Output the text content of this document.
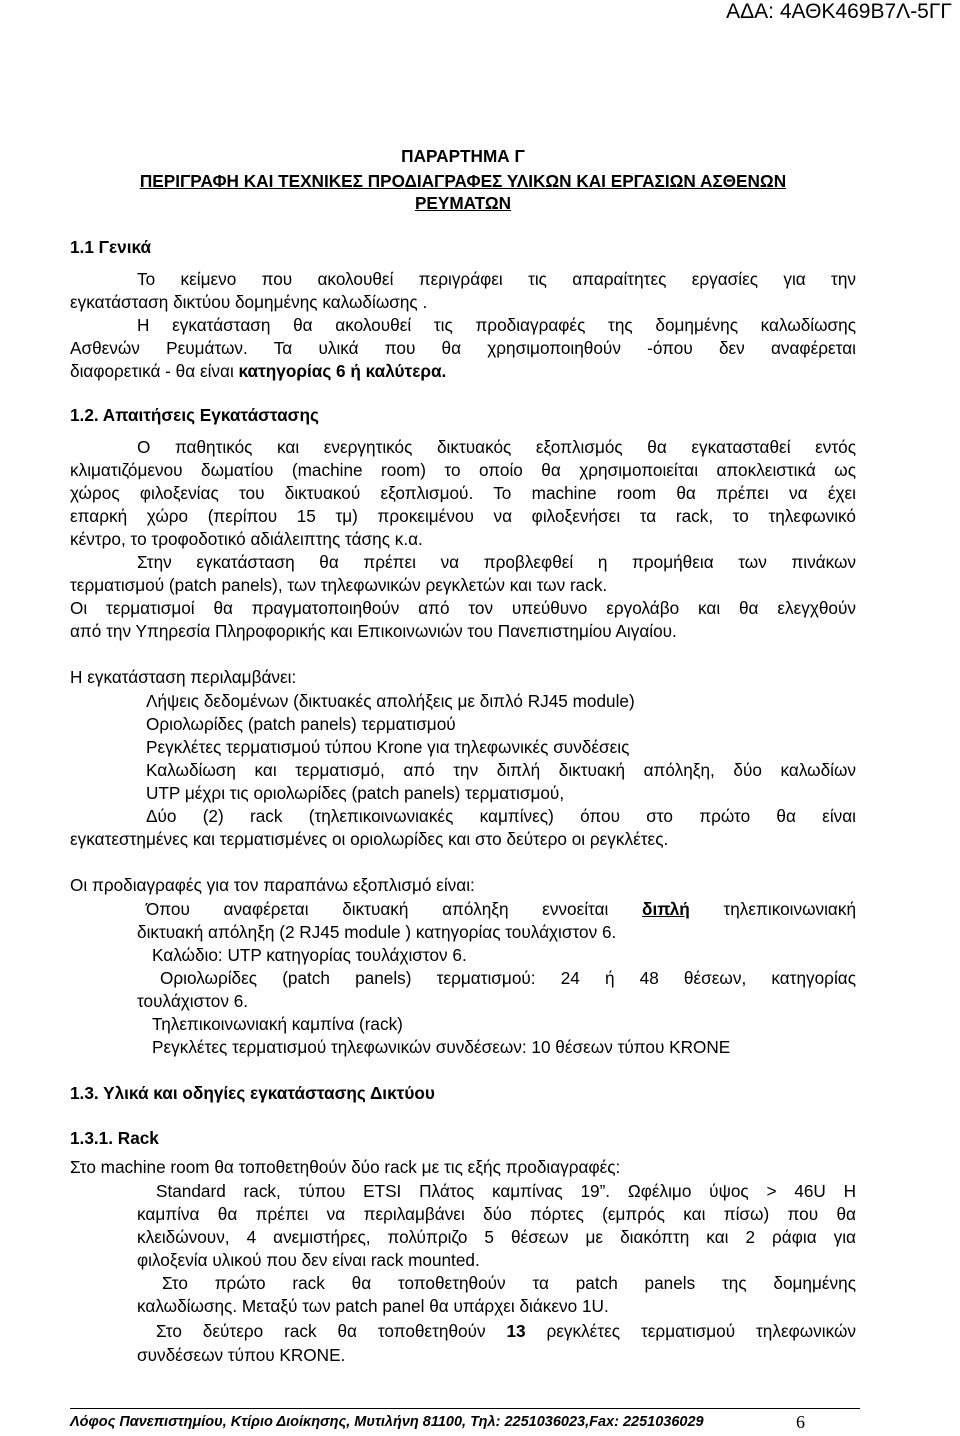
ΑΔΑ: 4ΑΘΚ469Β7Λ-5ΓΓ
ΠΑΡΑΡΤΗΜΑ Γ
ΠΕΡΙΓΡΑΦΗ ΚΑΙ ΤΕΧΝΙΚΕΣ ΠΡΟΔΙΑΓΡΑΦΕΣ ΥΛΙΚΩΝ ΚΑΙ ΕΡΓΑΣΙΩΝ ΑΣΘΕΝΩΝ
ΡΕΥΜΑΤΩΝ
1.1 Γενικά
Το κείμενο που ακολουθεί περιγράφει τις απαραίτητες εργασίες για την
εγκατάσταση δικτύου δομημένης καλωδίωσης .
Η εγκατάσταση θα ακολουθεί τις προδιαγραφές της δομημένης καλωδίωσης
Ασθενών Ρευμάτων. Τα υλικά που θα χρησιμοποιηθούν -όπου δεν αναφέρεται
διαφορετικά - θα είναι κατηγορίας 6 ή καλύτερα.
1.2. Απαιτήσεις Εγκατάστασης
Ο παθητικός και ενεργητικός δικτυακός εξοπλισμός θα εγκατασταθεί εντός
κλιματιζόμενου δωματίου (machine room) το οποίο θα χρησιμοποιείται αποκλειστικά ως
χώρος φιλοξενίας του δικτυακού εξοπλισμού. Το machine room θα πρέπει να έχει
επαρκή χώρο (περίπου 15 τμ) προκειμένου να φιλοξενήσει τα rack, το τηλεφωνικό
κέντρο, το τροφοδοτικό αδιάλειπτης τάσης κ.α.
Στην εγκατάσταση θα πρέπει να προβλεφθεί η προμήθεια των πινάκων
τερματισμού (patch panels), των τηλεφωνικών ρεγκλετών και των rack.
Οι τερματισμοί θα πραγματοποιηθούν από τον υπεύθυνο εργολάβο και θα ελεγχθούν
από την Υπηρεσία Πληροφορικής και Επικοινωνιών του Πανεπιστημίου Αιγαίου.
Η εγκατάσταση περιλαμβάνει:
Λήψεις δεδομένων (δικτυακές απολήξεις με διπλό RJ45 module)
Οριολωρίδες (patch panels) τερματισμού
Ρεγκλέτες τερματισμού τύπου Krone για τηλεφωνικές συνδέσεις
Καλωδίωση και τερματισμό, από την διπλή δικτυακή απόληξη, δύο καλωδίων
UTP μέχρι τις οριολωρίδες (patch panels) τερματισμού,
Δύο (2) rack (τηλεπικοινωνιακές καμπίνες) όπου στο πρώτο θα είναι
εγκατεστημένες και τερματισμένες οι οριολωρίδες και στο δεύτερο οι ρεγκλέτες.
Οι προδιαγραφές για τον παραπάνω εξοπλισμό είναι:
Όπου αναφέρεται δικτυακή απόληξη εννοείται διπλή τηλεπικοινωνιακή
δικτυακή απόληξη (2 RJ45 module ) κατηγορίας τουλάχιστον 6.
Καλώδιο: UTP κατηγορίας τουλάχιστον 6.
Οριολωρίδες (patch panels) τερματισμού: 24 ή 48 θέσεων, κατηγορίας
τουλάχιστον 6.
Τηλεπικοινωνιακή καμπίνα (rack)
Ρεγκλέτες τερματισμού τηλεφωνικών συνδέσεων: 10 θέσεων τύπου KRONE
1.3. Υλικά και οδηγίες εγκατάστασης Δικτύου
1.3.1. Rack
Στο machine room θα τοποθετηθούν δύο rack με τις εξής προδιαγραφές:
Standard rack, τύπου ETSI Πλάτος καμπίνας 19”. Ωφέλιμο ύψος > 46U Η
καμπίνα θα πρέπει να περιλαμβάνει δύο πόρτες (εμπρός και πίσω) που θα
κλειδώνουν, 4 ανεμιστήρες, πολύπριζο 5 θέσεων με διακόπτη και 2 ράφια για
φιλοξενία υλικού που δεν είναι rack mounted.
Στο πρώτο rack θα τοποθετηθούν τα patch panels της δομημένης
καλωδίωσης. Μεταξύ των patch panel θα υπάρχει διάκενο 1U.
Στο δεύτερο rack θα τοποθετηθούν 13 ρεγκλέτες τερματισμού τηλεφωνικών
συνδέσεων τύπου KRONE.
Λόφος Πανεπιστημίου, Κτίριο Διοίκησης, Μυτιλήνη 81100, Τηλ: 2251036023,Fax: 2251036029	6
